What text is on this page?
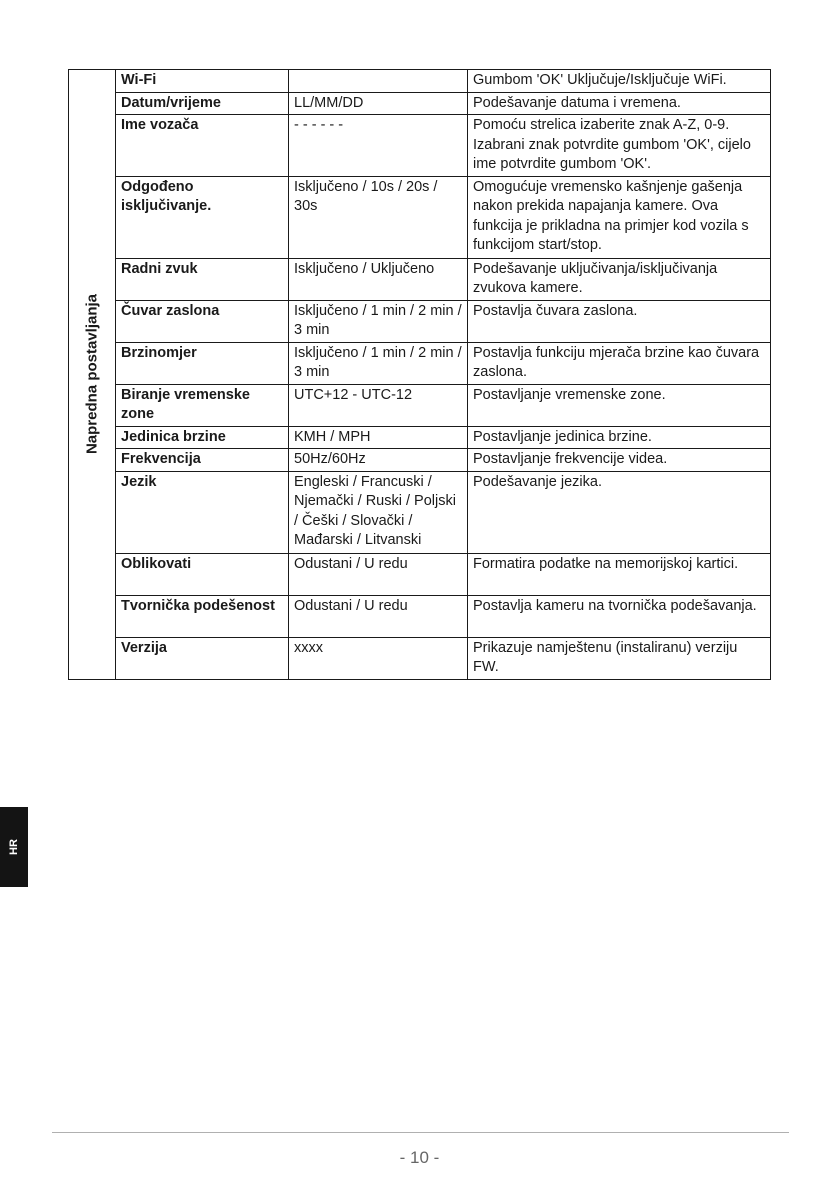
Napredna postavljanja	Wi-Fi		Gumbom 'OK' Uključuje/Isključuje WiFi.
	Datum/vrijeme	LL/MM/DD	Podešavanje datuma i vremena.
	Ime vozača	- - - - - -	Pomoću strelica izaberite znak A-Z, 0-9. Izabrani znak potvrdite gumbom 'OK', cijelo ime potvrdite gumbom 'OK'.
	Odgođeno isključivanje.	Isključeno / 10s / 20s / 30s	Omogućuje vremensko kašnjenje gašenja nakon prekida napajanja kamere. Ova funkcija je prikladna na primjer kod vozila s funkcijom start/stop.
	Radni zvuk	Isključeno / Uključeno	Podešavanje uključivanja/isključivanja zvukova kamere.
	Čuvar zaslona	Isključeno / 1 min / 2 min / 3 min	Postavlja čuvara zaslona.
	Brzinomjer	Isključeno / 1 min / 2 min / 3 min	Postavlja funkciju mjerača brzine kao čuvara zaslona.
	Biranje vremenske zone	UTC+12 - UTC-12	Postavljanje vremenske zone.
	Jedinica brzine	KMH / MPH	Postavljanje jedinica brzine.
	Frekvencija	50Hz/60Hz	Postavljanje frekvencije videa.
	Jezik	Engleski / Francuski / Njemački / Ruski / Poljski / Češki / Slovački / Mađarski / Litvanski	Podešavanje jezika.
	Oblikovati	Odustani / U redu	Formatira podatke na memorijskoj kartici.
	Tvornička podešenost	Odustani / U redu	Postavlja kameru na tvornička podešavanja.
	Verzija	xxxx	Prikazuje namještenu (instaliranu) verziju FW.
HR
- 10 -
